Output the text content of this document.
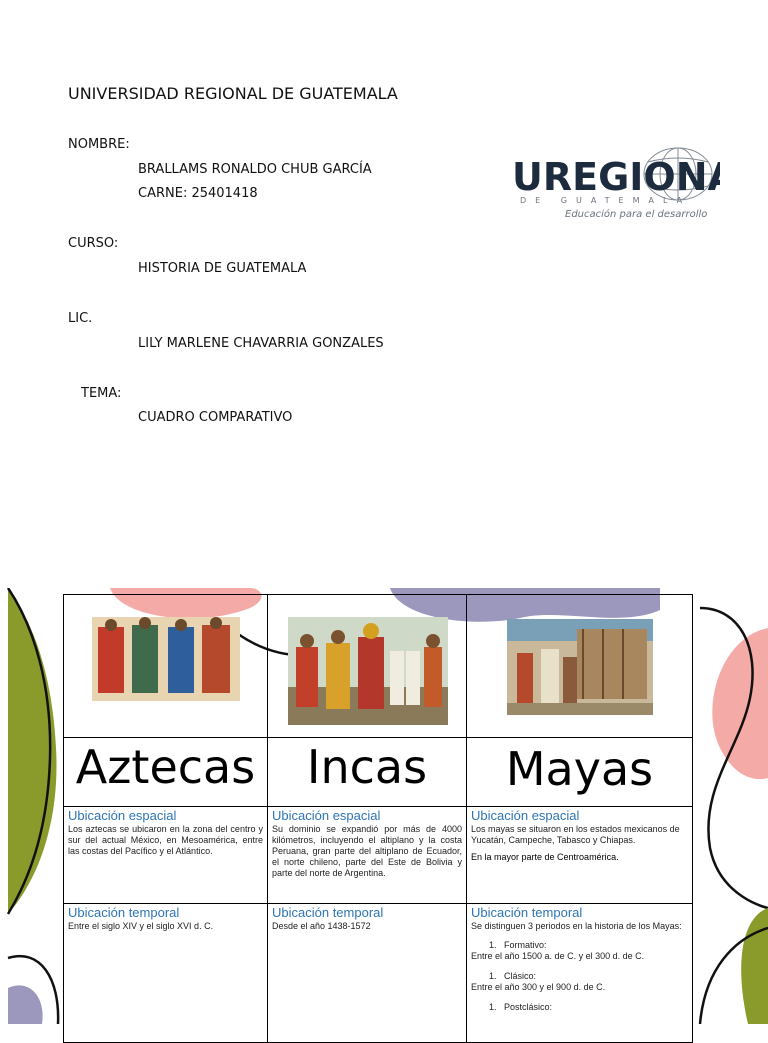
UNIVERSIDAD REGIONAL DE GUATEMALA
NOMBRE:
BRALLAMS RONALDO CHUB GARCÍA
CARNE: 25401418
CURSO:
HISTORIA DE GUATEMALA
LIC.
LILY MARLENE CHAVARRIA GONZALES
TEMA:
CUADRO COMPARATIVO
UREGION
DE GUATEMALA
Educación para el desarrollo
Aztecas	Incas	Mayas
Ubicación espacial
Los aztecas se ubicaron en la zona del centro y sur del actual México, en Mesoamérica, entre las costas del Pacífico y el Atlántico.
Ubicación espacial
Su dominio se expandió por más de 4000 kilómetros, incluyendo el altiplano y la costa Peruana, gran parte del altiplano de Ecuador, el norte chileno, parte del Este de Bolivia y parte del norte de Argentina.
Ubicación espacial
Los mayas se situaron en los estados mexicanos de Yucatán, Campeche, Tabasco y Chiapas.
En la mayor parte de Centroamérica.
Ubicación temporal
Entre el siglo XIV y el siglo XVI d. C.
Ubicación temporal
Desde el año 1438-1572
Ubicación temporal
Se distinguen 3 periodos en la historia de los Mayas:
1. Formativo:
Entre el año 1500 a. de C. y el 300 d. de C.
1. Clásico:
Entre el año 300 y el 900 d. de C.
1. Postclásico:
